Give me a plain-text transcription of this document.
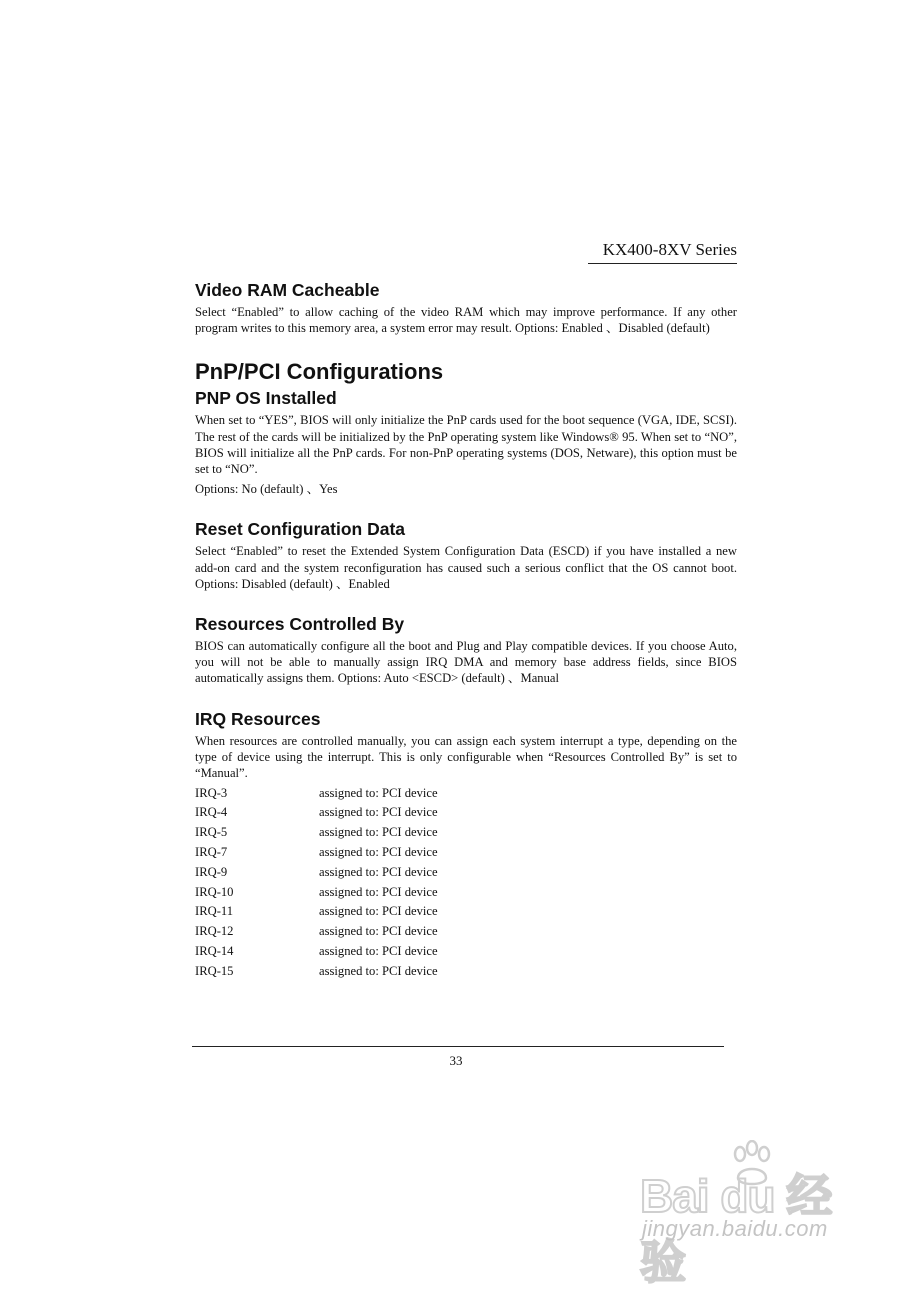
KX400-8XV Series
Video RAM Cacheable

Select “Enabled” to allow caching of the video RAM which may improve performance. If any other program writes to this memory area, a system error may result. Options: Enabled 、Disabled (default)

PnP/PCI Configurations
PNP OS Installed

When set to “YES”, BIOS will only initialize the PnP cards used for the boot sequence (VGA, IDE, SCSI). The rest of the cards will be initialized by the PnP operating system like Windows® 95. When set to “NO”, BIOS will initialize all the PnP cards. For non-PnP operating systems (DOS, Netware), this option must be set to “NO”.

Options: No (default) 、Yes

Reset Configuration Data

Select “Enabled” to reset the Extended System Configuration Data (ESCD) if you have installed a new add-on card and the system reconfiguration has caused such a serious conflict that the OS cannot boot. Options: Disabled (default) 、Enabled

Resources Controlled By

BIOS can automatically configure all the boot and Plug and Play compatible devices. If you choose Auto, you will not be able to manually assign IRQ DMA and memory base address fields, since BIOS automatically assigns them. Options: Auto <ESCD> (default) 、Manual

IRQ Resources

When resources are controlled manually, you can assign each system interrupt a type, depending on the type of device using the interrupt. This is only configurable when “Resources Controlled By” is set to “Manual”.

IRQ-3	assigned to: PCI device
IRQ-4	assigned to: PCI device
IRQ-5	assigned to: PCI device
IRQ-7	assigned to: PCI device
IRQ-9	assigned to: PCI device
IRQ-10	assigned to: PCI device
IRQ-11	assigned to: PCI device
IRQ-12	assigned to: PCI device
IRQ-14	assigned to: PCI device
IRQ-15	assigned to: PCI device
33
Bai du 经验
jingyan.baidu.com
